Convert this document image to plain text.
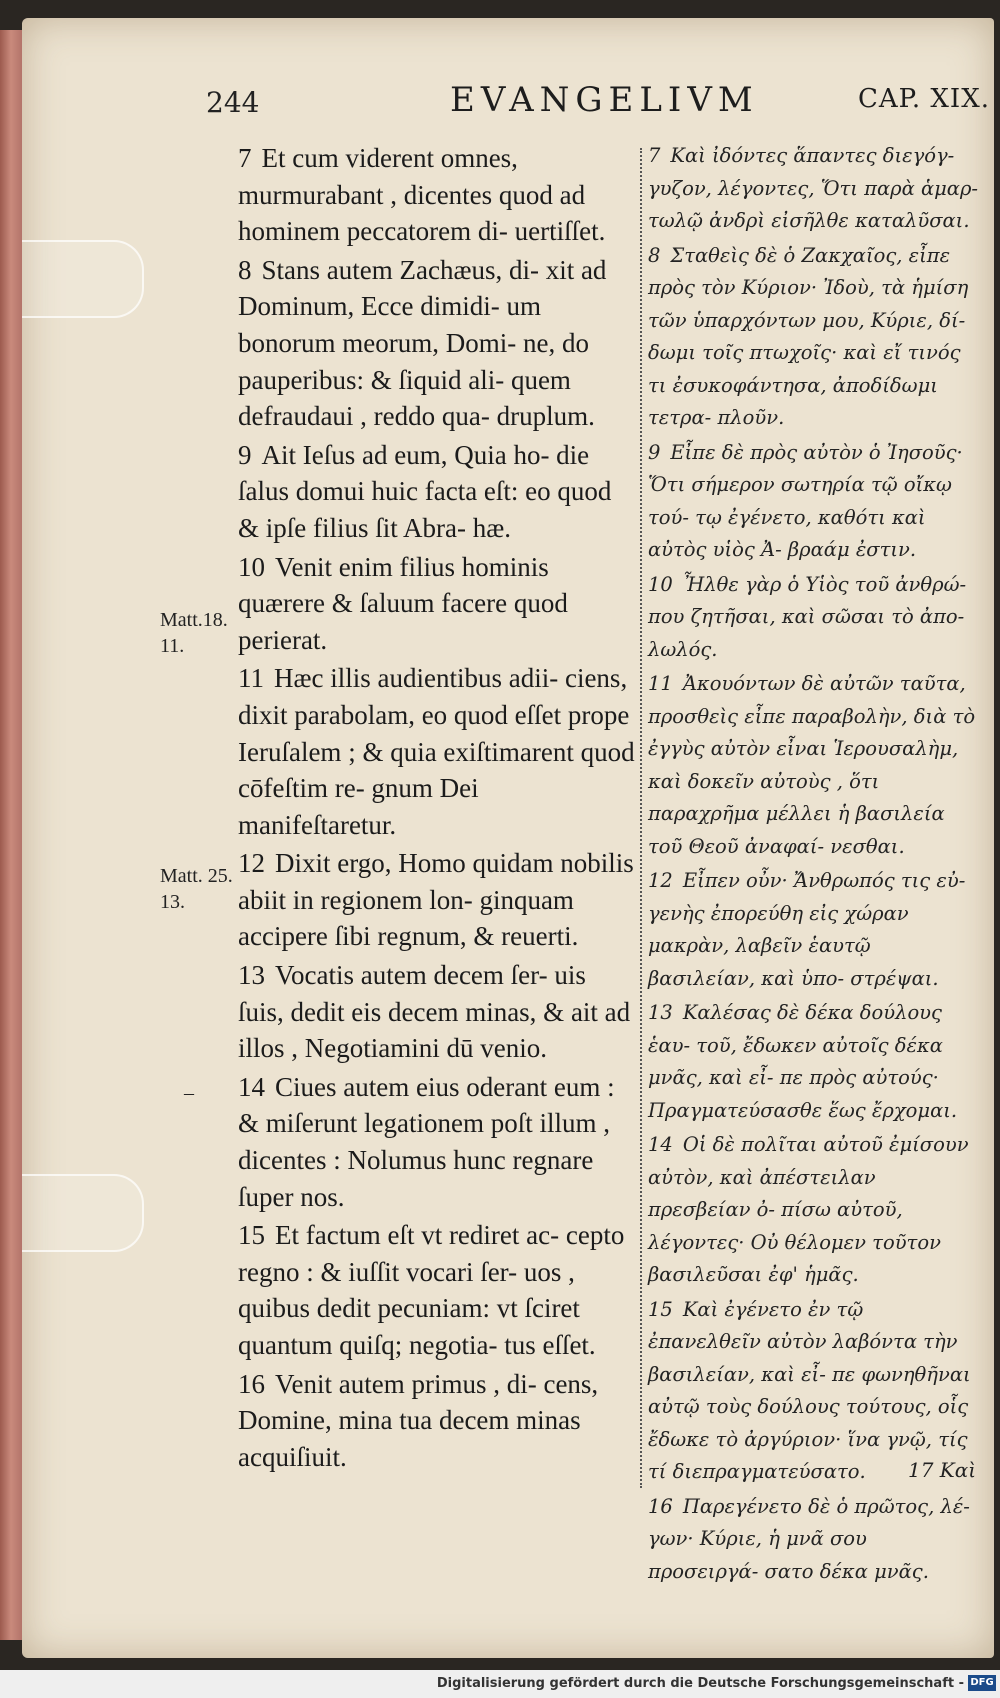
244	EVANGELIVM	CAP. XIX.
Matt.18. 11.
Matt. 25. 13.
–

7 Et cum viderent omnes, murmurabant , dicentes quod ad hominem peccatorem di- uertiſſet.

8 Stans autem Zachæus, di- xit ad Dominum, Ecce dimidi- um bonorum meorum, Domi- ne, do pauperibus: & ſiquid ali- quem defraudaui , reddo qua- druplum.

9 Ait Ieſus ad eum, Quia ho- die ſalus domui huic facta eſt: eo quod & ipſe filius ſit Abra- hæ.

10 Venit enim filius hominis quærere & ſaluum facere quod perierat.

11 Hæc illis audientibus adii- ciens, dixit parabolam, eo quod eſſet prope Ieruſalem ; & quia exiſtimarent quod cōfeſtim re- gnum Dei manifeſtaretur.

12 Dixit ergo, Homo quidam nobilis abiit in regionem lon- ginquam accipere ſibi regnum, & reuerti.

13 Vocatis autem decem ſer- uis ſuis, dedit eis decem minas, & ait ad illos , Negotiamini dū venio.

14 Ciues autem eius oderant eum : & miſerunt legationem poſt illum , dicentes : Nolumus hunc regnare ſuper nos.

15 Et factum eſt vt rediret ac- cepto regno : & iuſſit vocari ſer- uos , quibus dedit pecuniam: vt ſciret quantum quiſq; negotia- tus eſſet.

16 Venit autem primus , di- cens, Domine, mina tua decem minas acquiſiuit.

7 Καὶ ἰδόντες ἅπαντες διεγόγ- γυζον, λέγοντες, Ὅτι παρὰ ἁμαρ- τωλῷ ἀνδρὶ εἰσῆλθε καταλῦσαι.

8 Σταθεὶς δὲ ὁ Ζακχαῖος, εἶπε πρὸς τὸν Κύριον· Ἰδοὺ, τὰ ἡμίση τῶν ὑπαρχόντων μου, Κύριε, δί- δωμι τοῖς πτωχοῖς· καὶ εἴ τινός τι ἐσυκοφάντησα, ἀποδίδωμι τετρα- πλοῦν.

9 Εἶπε δὲ πρὸς αὐτὸν ὁ Ἰησοῦς· Ὅτι σήμερον σωτηρία τῷ οἴκῳ τού- τῳ ἐγένετο, καθότι καὶ αὐτὸς υἱὸς Ἀ- βραάμ ἐστιν.

10 Ἦλθε γὰρ ὁ Υἱὸς τοῦ ἀνθρώ- που ζητῆσαι, καὶ σῶσαι τὸ ἀπο- λωλός.

11 Ἀκουόντων δὲ αὐτῶν ταῦτα, προσθεὶς εἶπε παραβολὴν, διὰ τὸ ἐγγὺς αὐτὸν εἶναι Ἱερουσαλὴμ, καὶ δοκεῖν αὐτοὺς , ὅτι παραχρῆμα μέλλει ἡ βασιλεία τοῦ Θεοῦ ἀναφαί- νεσθαι.

12 Εἶπεν οὖν· Ἄνθρωπός τις εὐ- γενὴς ἐπορεύθη εἰς χώραν μακρὰν, λαβεῖν ἑαυτῷ βασιλείαν, καὶ ὑπο- στρέψαι.

13 Καλέσας δὲ δέκα δούλους ἑαυ- τοῦ, ἔδωκεν αὐτοῖς δέκα μνᾶς, καὶ εἶ- πε πρὸς αὐτούς· Πραγματεύσασθε ἕως ἔρχομαι.

14 Οἱ δὲ πολῖται αὐτοῦ ἐμίσουν αὐτὸν, καὶ ἀπέστειλαν πρεσβείαν ὀ- πίσω αὐτοῦ, λέγοντες· Οὐ θέλομεν τοῦτον βασιλεῦσαι ἐφ' ἡμᾶς.

15 Καὶ ἐγένετο ἐν τῷ ἐπανελθεῖν αὐτὸν λαβόντα τὴν βασιλείαν, καὶ εἶ- πε φωνηθῆναι αὐτῷ τοὺς δούλους τούτους, οἷς ἔδωκε τὸ ἀργύριον· ἵνα γνῷ, τίς τί διεπραγματεύσατο.

16 Παρεγένετο δὲ ὁ πρῶτος, λέ- γων· Κύριε, ἡ μνᾶ σου προσειργά- σατο δέκα μνᾶς.

17 Καὶ
Digitalisierung gefördert durch die Deutsche Forschungsgemeinschaft - DFG
